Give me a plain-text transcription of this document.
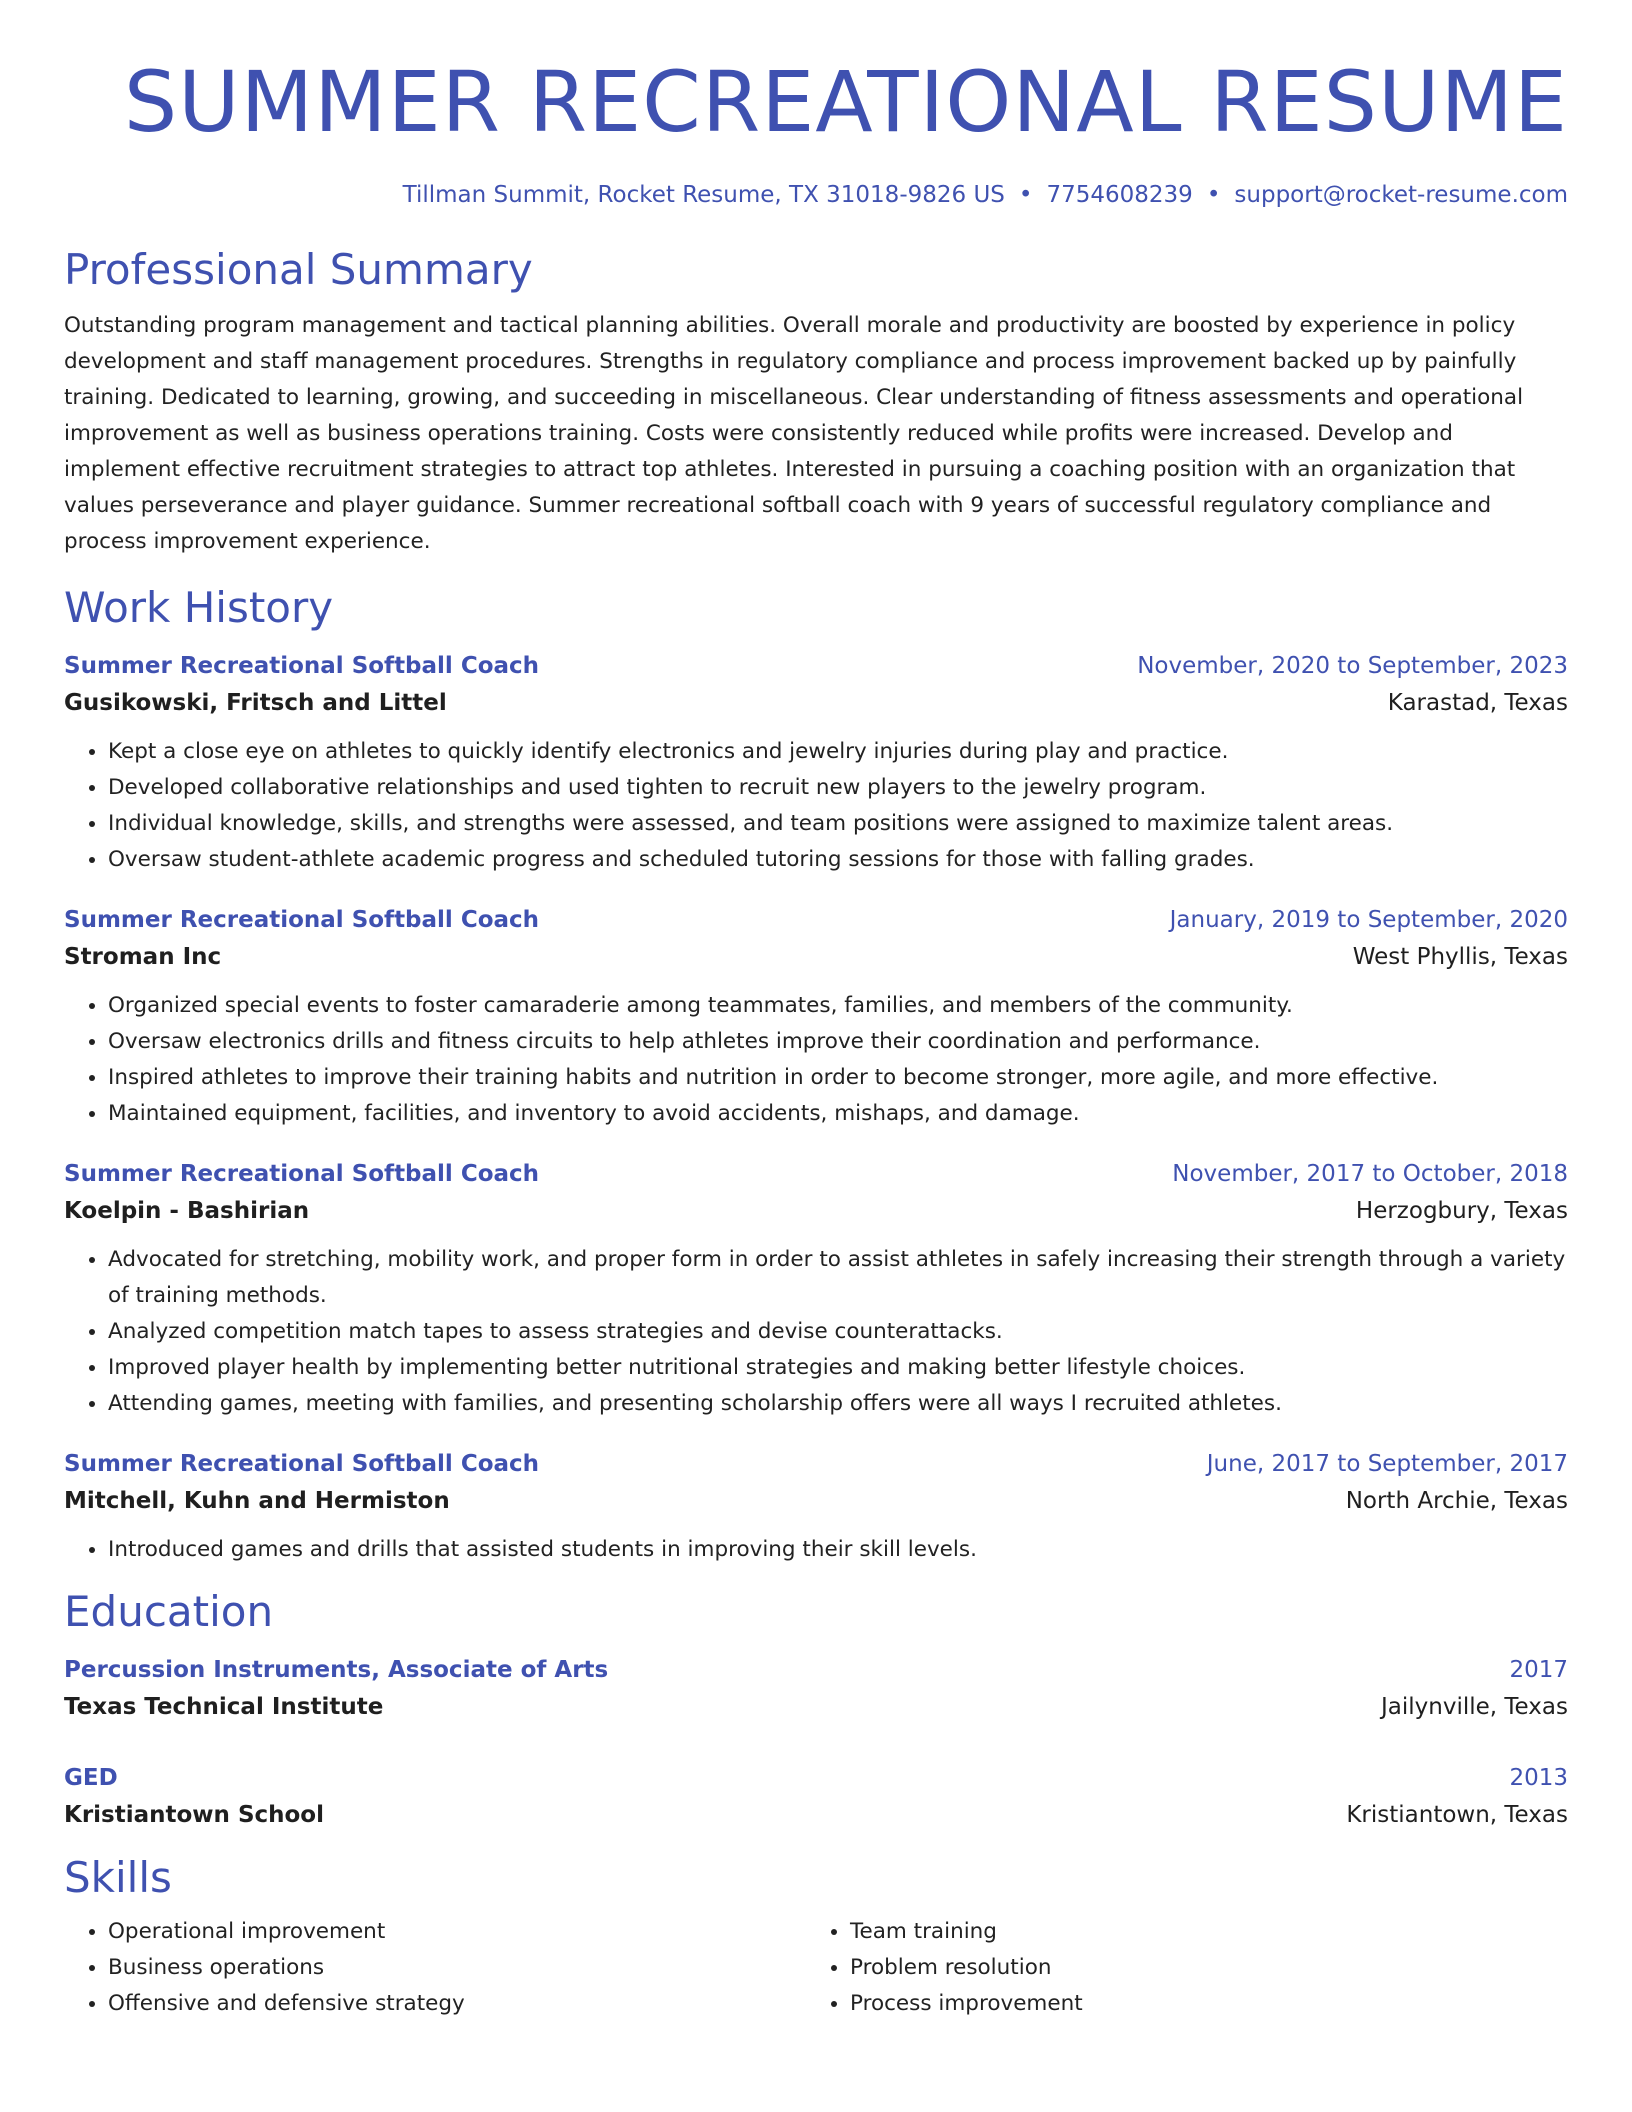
SUMMER RECREATIONAL RESUME
Tillman Summit, Rocket Resume, TX 31018-9826 US • 7754608239 • support@rocket-resume.com
Professional Summary
Outstanding program management and tactical planning abilities. Overall morale and productivity are boosted by experience in policy development and staff management procedures. Strengths in regulatory compliance and process improvement backed up by painfully training. Dedicated to learning, growing, and succeeding in miscellaneous. Clear understanding of fitness assessments and operational improvement as well as business operations training. Costs were consistently reduced while profits were increased. Develop and implement effective recruitment strategies to attract top athletes. Interested in pursuing a coaching position with an organization that values perseverance and player guidance. Summer recreational softball coach with 9 years of successful regulatory compliance and process improvement experience.
Work History
Summer Recreational Softball Coach	November, 2020 to September, 2023
Gusikowski, Fritsch and Littel	Karastad, Texas
• Kept a close eye on athletes to quickly identify electronics and jewelry injuries during play and practice.
• Developed collaborative relationships and used tighten to recruit new players to the jewelry program.
• Individual knowledge, skills, and strengths were assessed, and team positions were assigned to maximize talent areas.
• Oversaw student-athlete academic progress and scheduled tutoring sessions for those with falling grades.
Summer Recreational Softball Coach	January, 2019 to September, 2020
Stroman Inc	West Phyllis, Texas
• Organized special events to foster camaraderie among teammates, families, and members of the community.
• Oversaw electronics drills and fitness circuits to help athletes improve their coordination and performance.
• Inspired athletes to improve their training habits and nutrition in order to become stronger, more agile, and more effective.
• Maintained equipment, facilities, and inventory to avoid accidents, mishaps, and damage.
Summer Recreational Softball Coach	November, 2017 to October, 2018
Koelpin - Bashirian	Herzogbury, Texas
• Advocated for stretching, mobility work, and proper form in order to assist athletes in safely increasing their strength through a variety of training methods.
• Analyzed competition match tapes to assess strategies and devise counterattacks.
• Improved player health by implementing better nutritional strategies and making better lifestyle choices.
• Attending games, meeting with families, and presenting scholarship offers were all ways I recruited athletes.
Summer Recreational Softball Coach	June, 2017 to September, 2017
Mitchell, Kuhn and Hermiston	North Archie, Texas
• Introduced games and drills that assisted students in improving their skill levels.
Education
Percussion Instruments, Associate of Arts	2017
Texas Technical Institute	Jailynville, Texas
GED	2013
Kristiantown School	Kristiantown, Texas
Skills
• Operational improvement
• Business operations
• Offensive and defensive strategy
• Team training
• Problem resolution
• Process improvement
